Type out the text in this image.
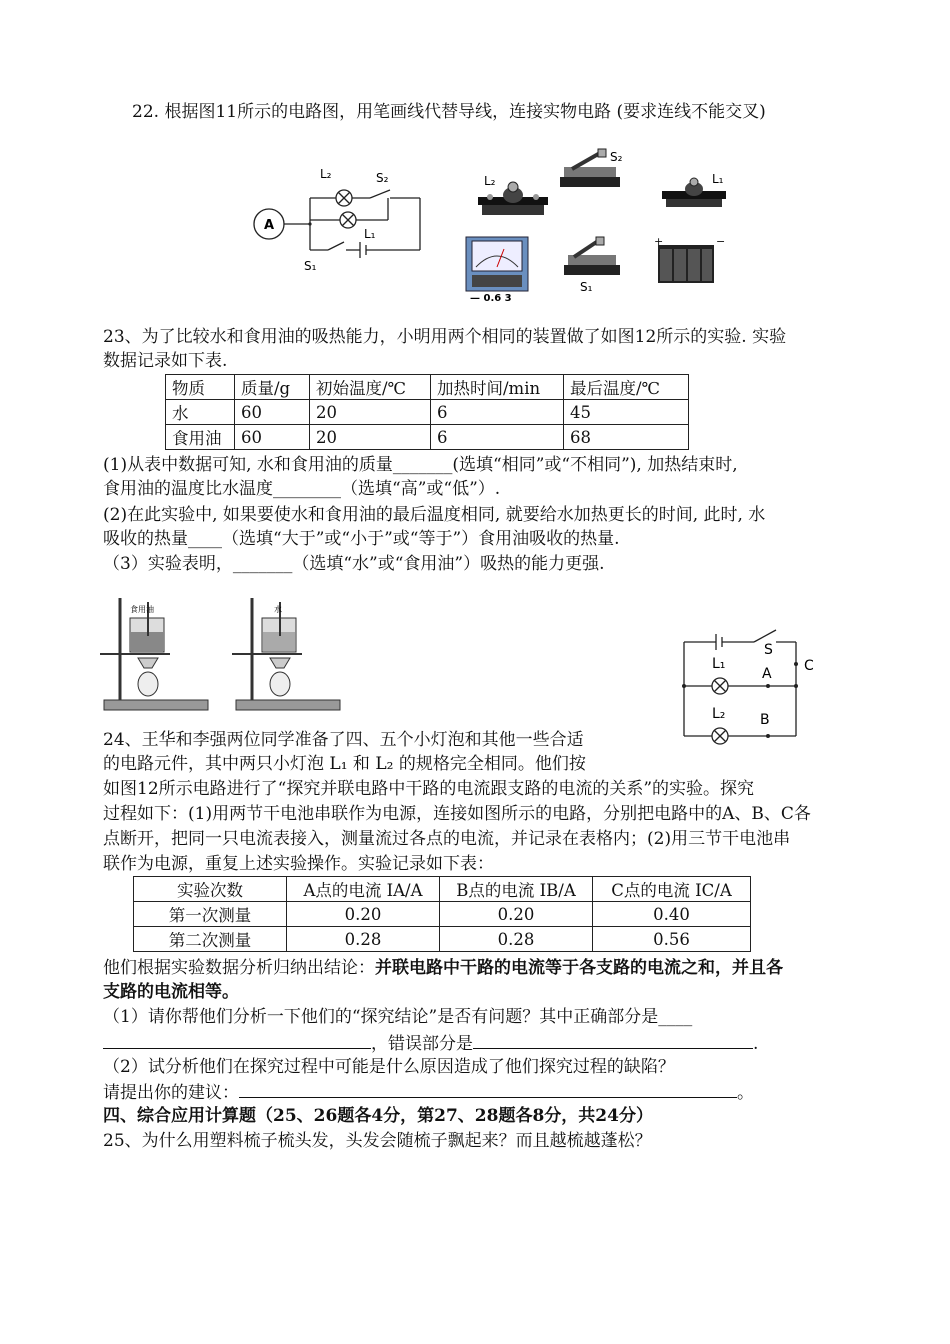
22. 根据图11所示的电路图，用笔画线代替导线，连接实物电路 (要求连线不能交叉)
A
L₂	S₂
L₁
S₁
L₂
S₂
L₁
— 0.6 3
S₁
+	−
23、为了比较水和食用油的吸热能力，小明用两个相同的装置做了如图12所示的实验. 实验
数据记录如下表.
物质	质量/g	初始温度/℃	加热时间/min	最后温度/℃
水	60	20	6	45
食用油	60	20	6	68
(1)从表中数据可知, 水和食用油的质量_______(选填“相同”或“不相同”), 加热结束时,
食用油的温度比水温度________（选填“高”或“低”）.
(2)在此实验中, 如果要使水和食用油的最后温度相同, 就要给水加热更长的时间, 此时, 水
吸收的热量____（选填“大于”或“小于”或“等于”）食用油吸收的热量.
（3）实验表明，_______（选填“水”或“食用油”）吸热的能力更强.
食用油	水
S
A C
L₁
L₂ B
24、王华和李强两位同学准备了四、五个小灯泡和其他一些合适
的电路元件，其中两只小灯泡 L₁ 和 L₂ 的规格完全相同。他们按
如图12所示电路进行了“探究并联电路中干路的电流跟支路的电流的关系”的实验。探究
过程如下：(1)用两节干电池串联作为电源，连接如图所示的电路，分别把电路中的A、B、C各
点断开，把同一只电流表接入，测量流过各点的电流，并记录在表格内；(2)用三节干电池串
联作为电源，重复上述实验操作。实验记录如下表：
实验次数	A点的电流 IA/A	B点的电流 IB/A	C点的电流 IC/A
第一次测量	0.20	0.20	0.40
第二次测量	0.28	0.28	0.56
他们根据实验数据分析归纳出结论：并联电路中干路的电流等于各支路的电流之和，并且各
支路的电流相等。
（1）请你帮他们分析一下他们的“探究结论”是否有问题？其中正确部分是____
，错误部分是	.
（2）试分析他们在探究过程中可能是什么原因造成了他们探究过程的缺陷？
请提出你的建议：	。
四、综合应用计算题（25、26题各4分，第27、28题各8分，共24分）
25、为什么用塑料梳子梳头发，头发会随梳子飘起来？而且越梳越蓬松？
